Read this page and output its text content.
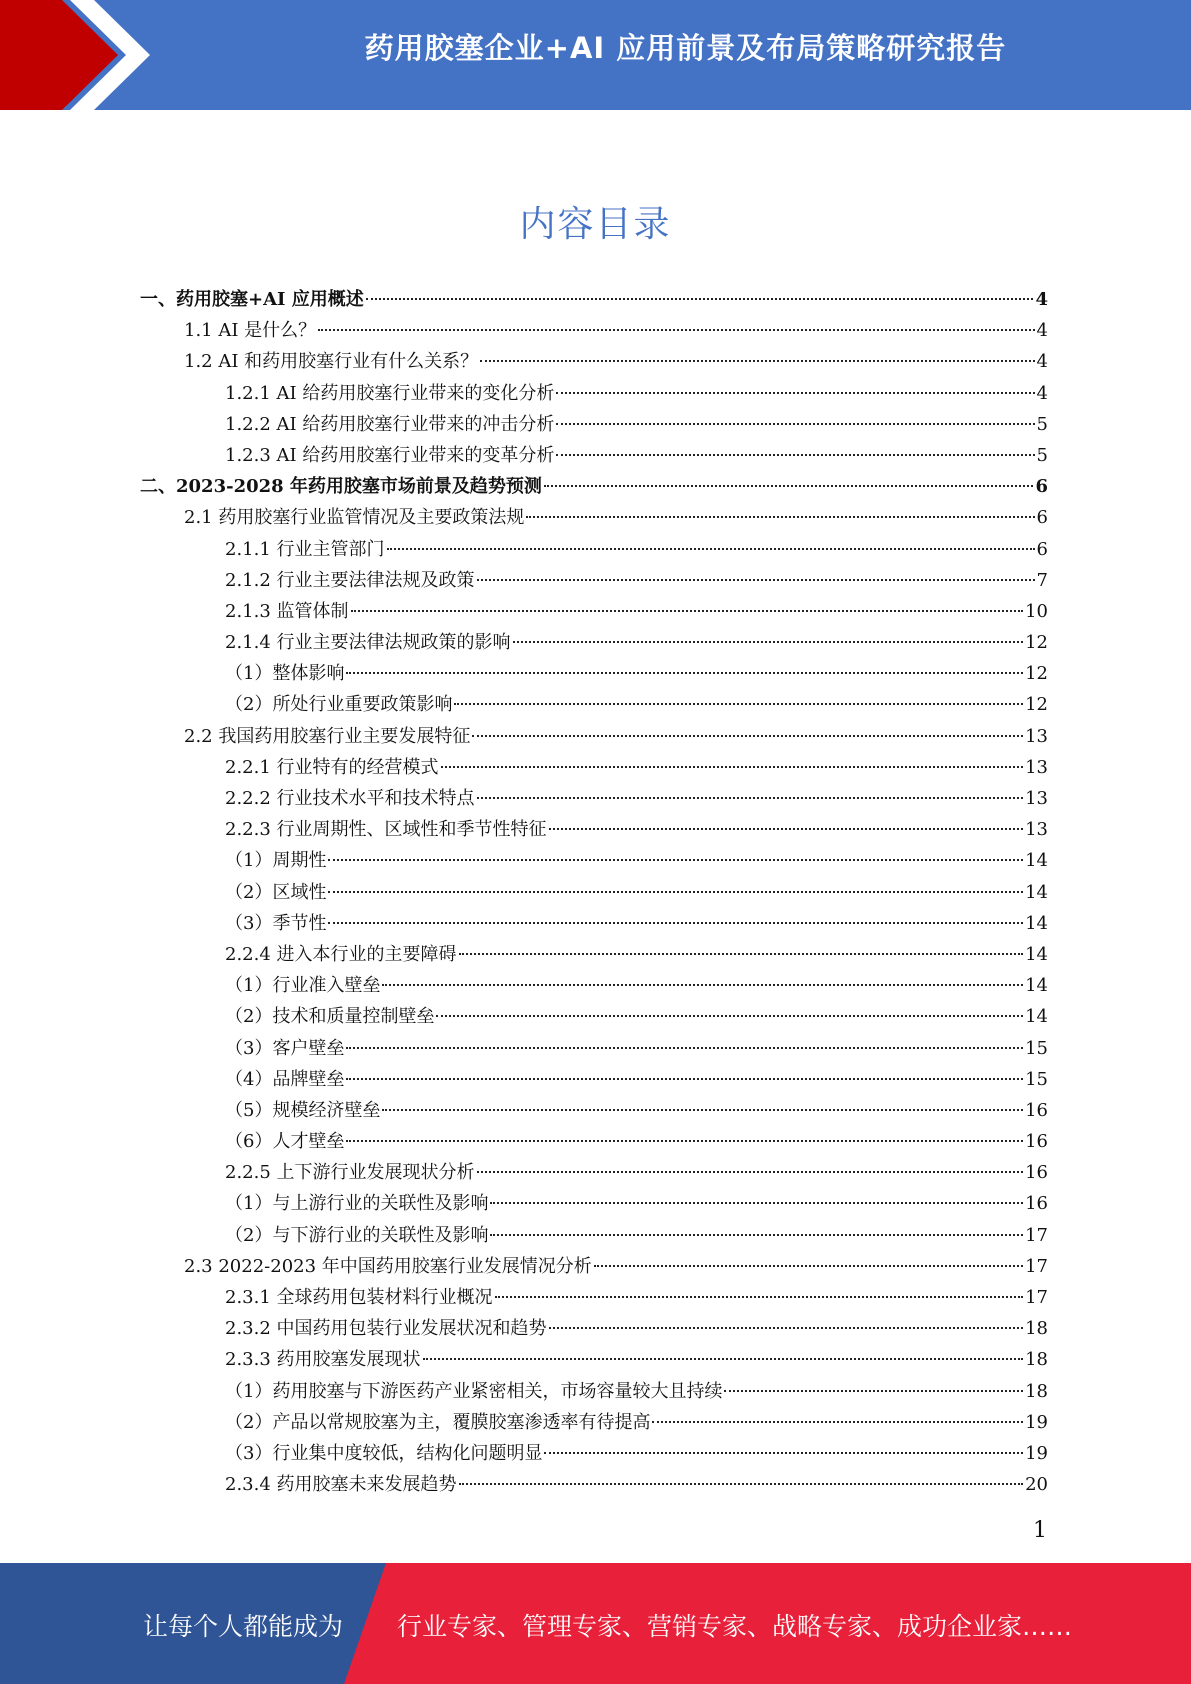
药用胶塞企业+AI 应用前景及布局策略研究报告
内容目录
一、药用胶塞+AI 应用概述	4
1.1 AI 是什么？	4
1.2 AI 和药用胶塞行业有什么关系？	4
1.2.1 AI 给药用胶塞行业带来的变化分析	4
1.2.2 AI 给药用胶塞行业带来的冲击分析	5
1.2.3 AI 给药用胶塞行业带来的变革分析	5
二、2023-2028 年药用胶塞市场前景及趋势预测	6
2.1 药用胶塞行业监管情况及主要政策法规	6
2.1.1 行业主管部门	6
2.1.2 行业主要法律法规及政策	7
2.1.3 监管体制	10
2.1.4 行业主要法律法规政策的影响	12
（1）整体影响	12
（2）所处行业重要政策影响	12
2.2 我国药用胶塞行业主要发展特征	13
2.2.1 行业特有的经营模式	13
2.2.2 行业技术水平和技术特点	13
2.2.3 行业周期性、区域性和季节性特征	13
（1）周期性	14
（2）区域性	14
（3）季节性	14
2.2.4 进入本行业的主要障碍	14
（1）行业准入壁垒	14
（2）技术和质量控制壁垒	14
（3）客户壁垒	15
（4）品牌壁垒	15
（5）规模经济壁垒	16
（6）人才壁垒	16
2.2.5 上下游行业发展现状分析	16
（1）与上游行业的关联性及影响	16
（2）与下游行业的关联性及影响	17
2.3 2022-2023 年中国药用胶塞行业发展情况分析	17
2.3.1 全球药用包装材料行业概况	17
2.3.2 中国药用包装行业发展状况和趋势	18
2.3.3 药用胶塞发展现状	18
（1）药用胶塞与下游医药产业紧密相关，市场容量较大且持续	18
（2）产品以常规胶塞为主，覆膜胶塞渗透率有待提高	19
（3）行业集中度较低，结构化问题明显	19
2.3.4 药用胶塞未来发展趋势	20
1
让每个人都能成为 行业专家、管理专家、营销专家、战略专家、成功企业家……
